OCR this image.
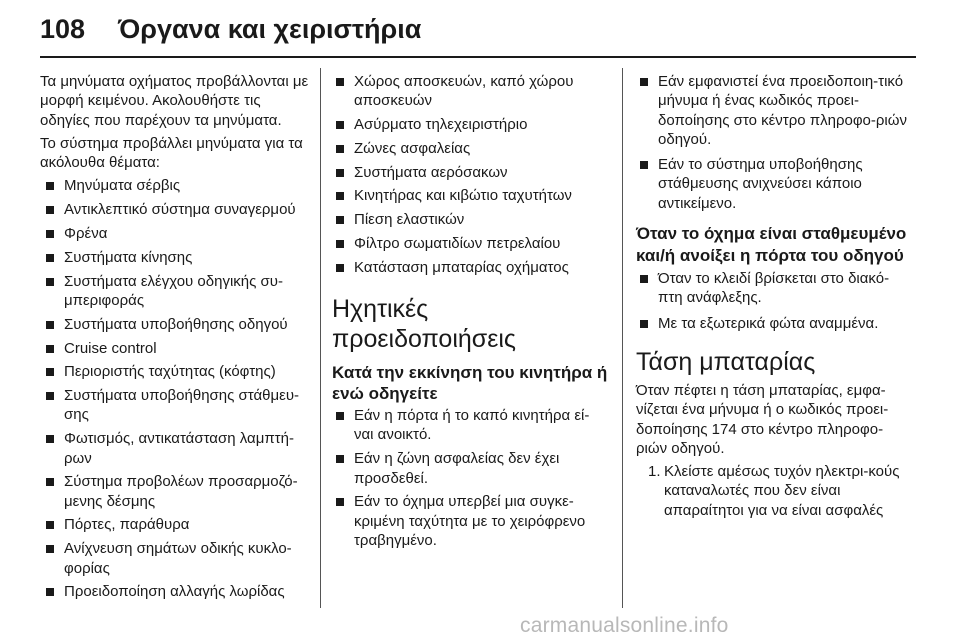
108 Όργανα και χειριστήρια

Τα μηνύματα οχήματος προβάλλονται με μορφή κειμένου. Ακολουθήστε τις οδηγίες που παρέχουν τα μηνύματα.

Το σύστημα προβάλλει μηνύματα για τα ακόλουθα θέματα:

Μηνύματα σέρβις
Αντικλεπτικό σύστημα συναγερμού
Φρένα
Συστήματα κίνησης
Συστήματα ελέγχου οδηγικής συ-μπεριφοράς
Συστήματα υποβοήθησης οδηγού
Cruise control
Περιοριστής ταχύτητας (κόφτης)
Συστήματα υποβοήθησης στάθμευ-σης
Φωτισμός, αντικατάσταση λαμπτή-ρων
Σύστημα προβολέων προσαρμοζό-μενης δέσμης
Πόρτες, παράθυρα
Ανίχνευση σημάτων οδικής κυκλο-φορίας
Προειδοποίηση αλλαγής λωρίδας
Χώρος αποσκευών, καπό χώρου αποσκευών
Ασύρματο τηλεχειριστήριο
Ζώνες ασφαλείας
Συστήματα αερόσακων
Κινητήρας και κιβώτιο ταχυτήτων
Πίεση ελαστικών
Φίλτρο σωματιδίων πετρελαίου
Κατάσταση μπαταρίας οχήματος
Ηχητικές προειδοποιήσεις
Κατά την εκκίνηση του κινητήρα ή ενώ οδηγείτε
Εάν η πόρτα ή το καπό κινητήρα εί-ναι ανοικτό.
Εάν η ζώνη ασφαλείας δεν έχει προσδεθεί.
Εάν το όχημα υπερβεί μια συγκε-κριμένη ταχύτητα με το χειρόφρενο τραβηγμένο.
Εάν εμφανιστεί ένα προειδοποιη-τικό μήνυμα ή ένας κωδικός προει-δοποίησης στο κέντρο πληροφο-ριών οδηγού.
Εάν το σύστημα υποβοήθησης στάθμευσης ανιχνεύσει κάποιο αντικείμενο.
Όταν το όχημα είναι σταθμευμένο και/ή ανοίξει η πόρτα του οδηγού
Όταν το κλειδί βρίσκεται στο διακό-πτη ανάφλεξης.
Με τα εξωτερικά φώτα αναμμένα.
Τάση μπαταρίας

Όταν πέφτει η τάση μπαταρίας, εμφα-νίζεται ένα μήνυμα ή ο κωδικός προει-δοποίησης 174 στο κέντρο πληροφο-ριών οδηγού.

1. Κλείστε αμέσως τυχόν ηλεκτρι-κούς καταναλωτές που δεν είναι απαραίτητοι για να είναι ασφαλές
carmanualsonline.info
